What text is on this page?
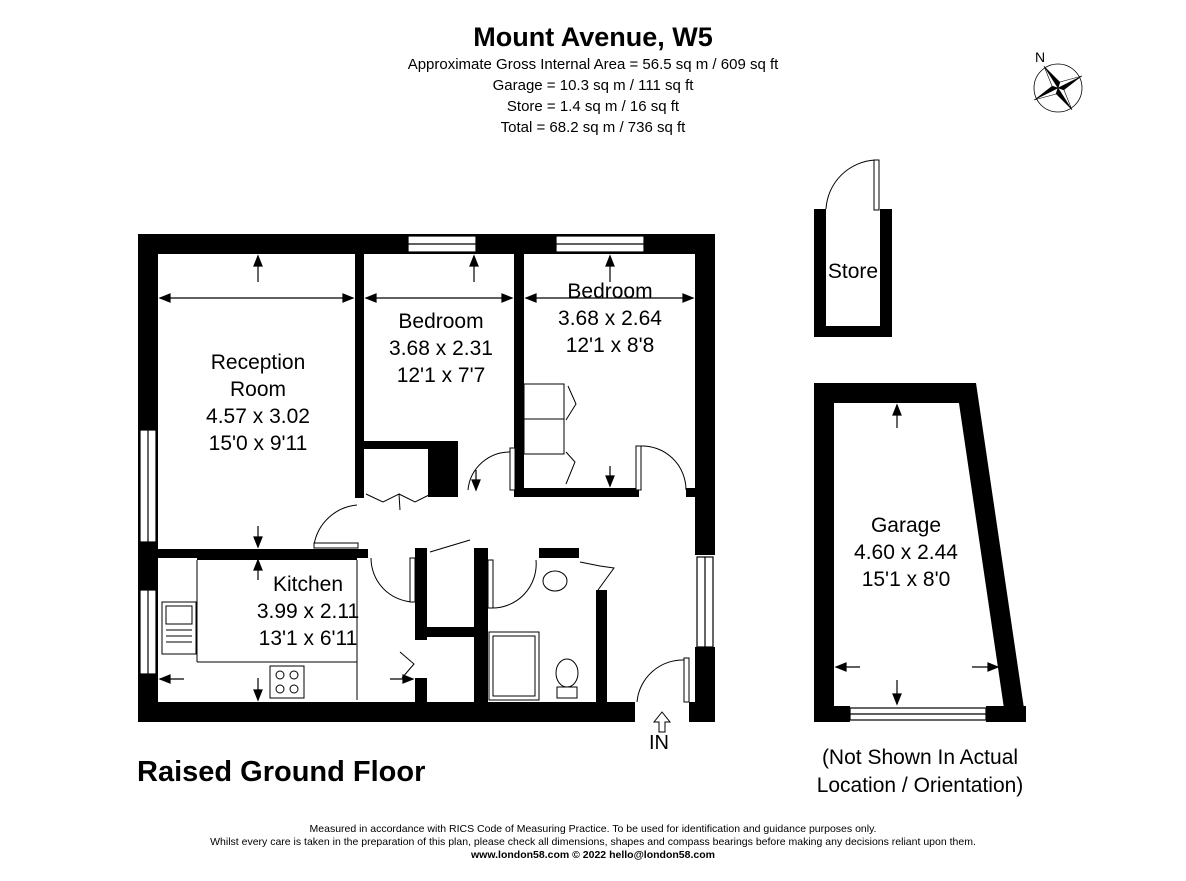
Mount Avenue, W5
Approximate Gross Internal Area = 56.5 sq m / 609 sq ft
Garage = 10.3 sq m / 111 sq ft
Store = 1.4 sq m / 16 sq ft
Total = 68.2 sq m / 736 sq ft
N
Reception
Room
4.57 x 3.02
15'0 x 9'11
Bedroom
3.68 x 2.31
12'1 x 7'7
Bedroom
3.68 x 2.64
12'1 x 8'8
Kitchen
3.99 x 2.11
13'1 x 6'11
Store
Garage
4.60 x 2.44
15'1 x 8'0
IN
Raised Ground Floor	(Not Shown In Actual
Location / Orientation)
Measured in accordance with RICS Code of Measuring Practice. To be used for identification and guidance purposes only.
Whilst every care is taken in the preparation of this plan, please check all dimensions, shapes and compass bearings before making any decisions reliant upon them.
www.london58.com © 2022 hello@london58.com
